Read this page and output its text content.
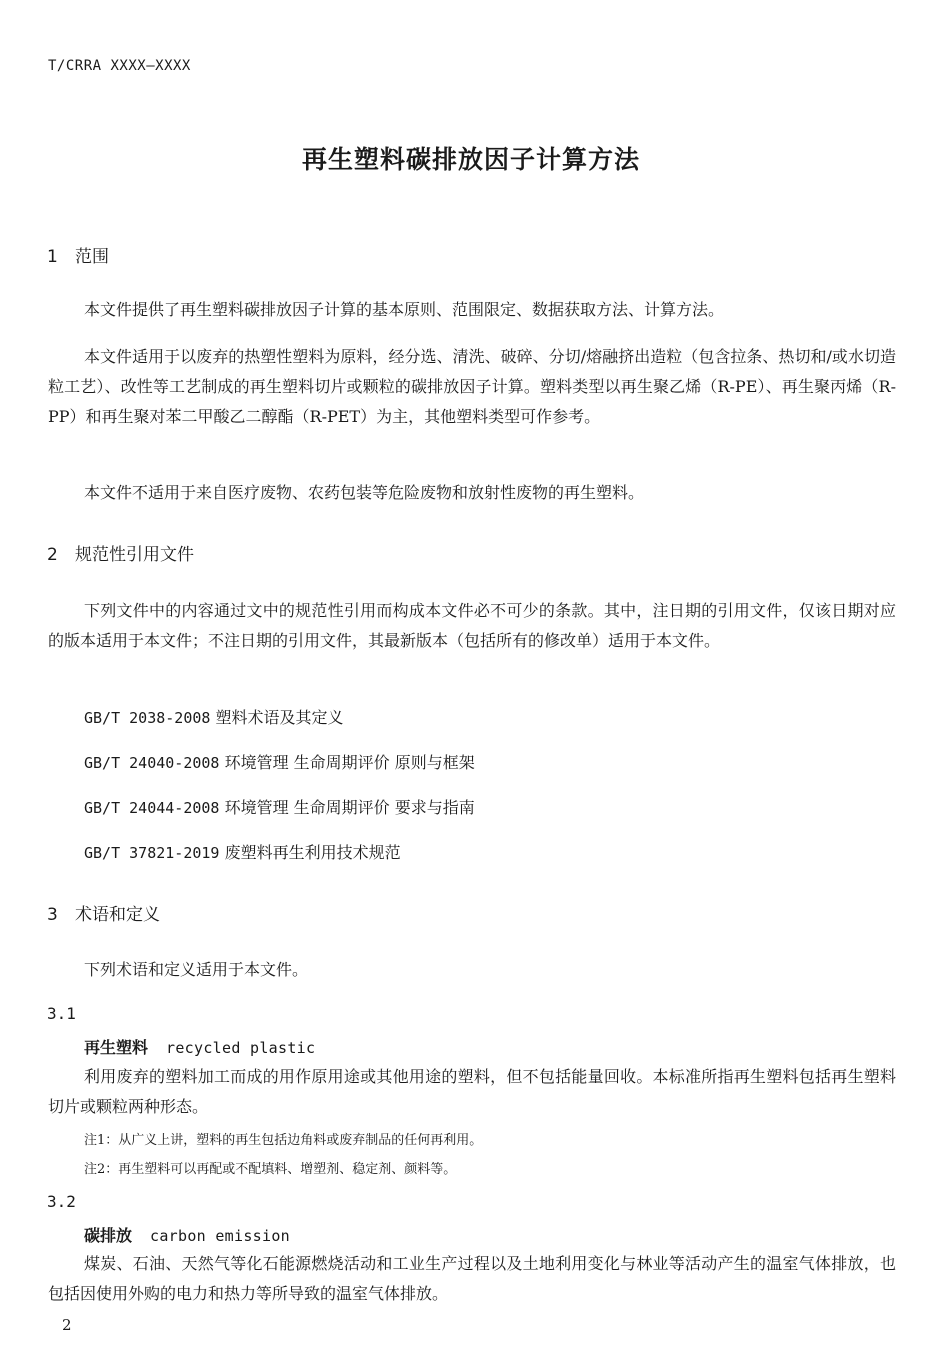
T/CRRA XXXX—XXXX
再生塑料碳排放因子计算方法
1 范围
本文件提供了再生塑料碳排放因子计算的基本原则、范围限定、数据获取方法、计算方法。
本文件适用于以废弃的热塑性塑料为原料，经分选、清洗、破碎、分切/熔融挤出造粒（包含拉条、热切和/或水切造粒工艺）、改性等工艺制成的再生塑料切片或颗粒的碳排放因子计算。塑料类型以再生聚乙烯（R-PE）、再生聚丙烯（R-PP）和再生聚对苯二甲酸乙二醇酯（R-PET）为主，其他塑料类型可作参考。
本文件不适用于来自医疗废物、农药包装等危险废物和放射性废物的再生塑料。
2 规范性引用文件
下列文件中的内容通过文中的规范性引用而构成本文件必不可少的条款。其中，注日期的引用文件，仅该日期对应的版本适用于本文件；不注日期的引用文件，其最新版本（包括所有的修改单）适用于本文件。
GB/T 2038-2008 塑料术语及其定义
GB/T 24040-2008 环境管理 生命周期评价 原则与框架
GB/T 24044-2008 环境管理 生命周期评价 要求与指南
GB/T 37821-2019 废塑料再生利用技术规范
3 术语和定义
下列术语和定义适用于本文件。
3.1
再生塑料 recycled plastic
利用废弃的塑料加工而成的用作原用途或其他用途的塑料，但不包括能量回收。本标准所指再生塑料包括再生塑料切片或颗粒两种形态。
注1：从广义上讲，塑料的再生包括边角料或废弃制品的任何再利用。
注2：再生塑料可以再配或不配填料、增塑剂、稳定剂、颜料等。
3.2
碳排放 carbon emission
煤炭、石油、天然气等化石能源燃烧活动和工业生产过程以及土地利用变化与林业等活动产生的温室气体排放，也包括因使用外购的电力和热力等所导致的温室气体排放。
2
